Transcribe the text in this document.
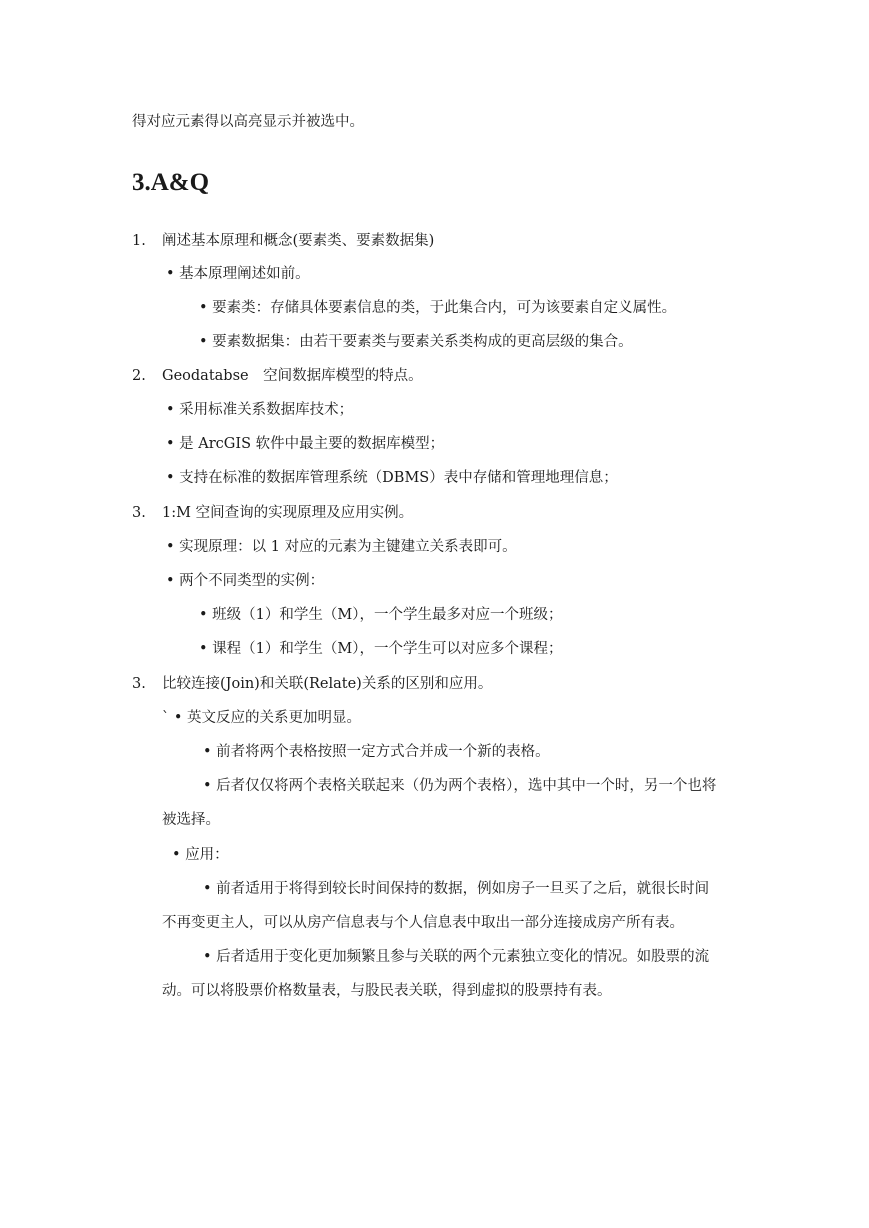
得对应元素得以高亮显示并被选中。
3.A&Q
1. 阐述基本原理和概念(要素类、要素数据集)
• 基本原理阐述如前。
• 要素类：存储具体要素信息的类，于此集合内，可为该要素自定义属性。
• 要素数据集：由若干要素类与要素关系类构成的更高层级的集合。
2. Geodatabse　空间数据库模型的特点。
• 采用标准关系数据库技术；
• 是 ArcGIS 软件中最主要的数据库模型；
• 支持在标准的数据库管理系统（DBMS）表中存储和管理地理信息；
3. 1:M 空间查询的实现原理及应用实例。
• 实现原理：以 1 对应的元素为主键建立关系表即可。
• 两个不同类型的实例：
• 班级（1）和学生（M），一个学生最多对应一个班级；
• 课程（1）和学生（M），一个学生可以对应多个课程；
3. 比较连接(Join)和关联(Relate)关系的区别和应用。
` • 英文反应的关系更加明显。
• 前者将两个表格按照一定方式合并成一个新的表格。
• 后者仅仅将两个表格关联起来（仍为两个表格），选中其中一个时，另一个也将
被选择。
• 应用：
• 前者适用于将得到较长时间保持的数据，例如房子一旦买了之后，就很长时间
不再变更主人，可以从房产信息表与个人信息表中取出一部分连接成房产所有表。
• 后者适用于变化更加频繁且参与关联的两个元素独立变化的情况。如股票的流
动。可以将股票价格数量表，与股民表关联，得到虚拟的股票持有表。
